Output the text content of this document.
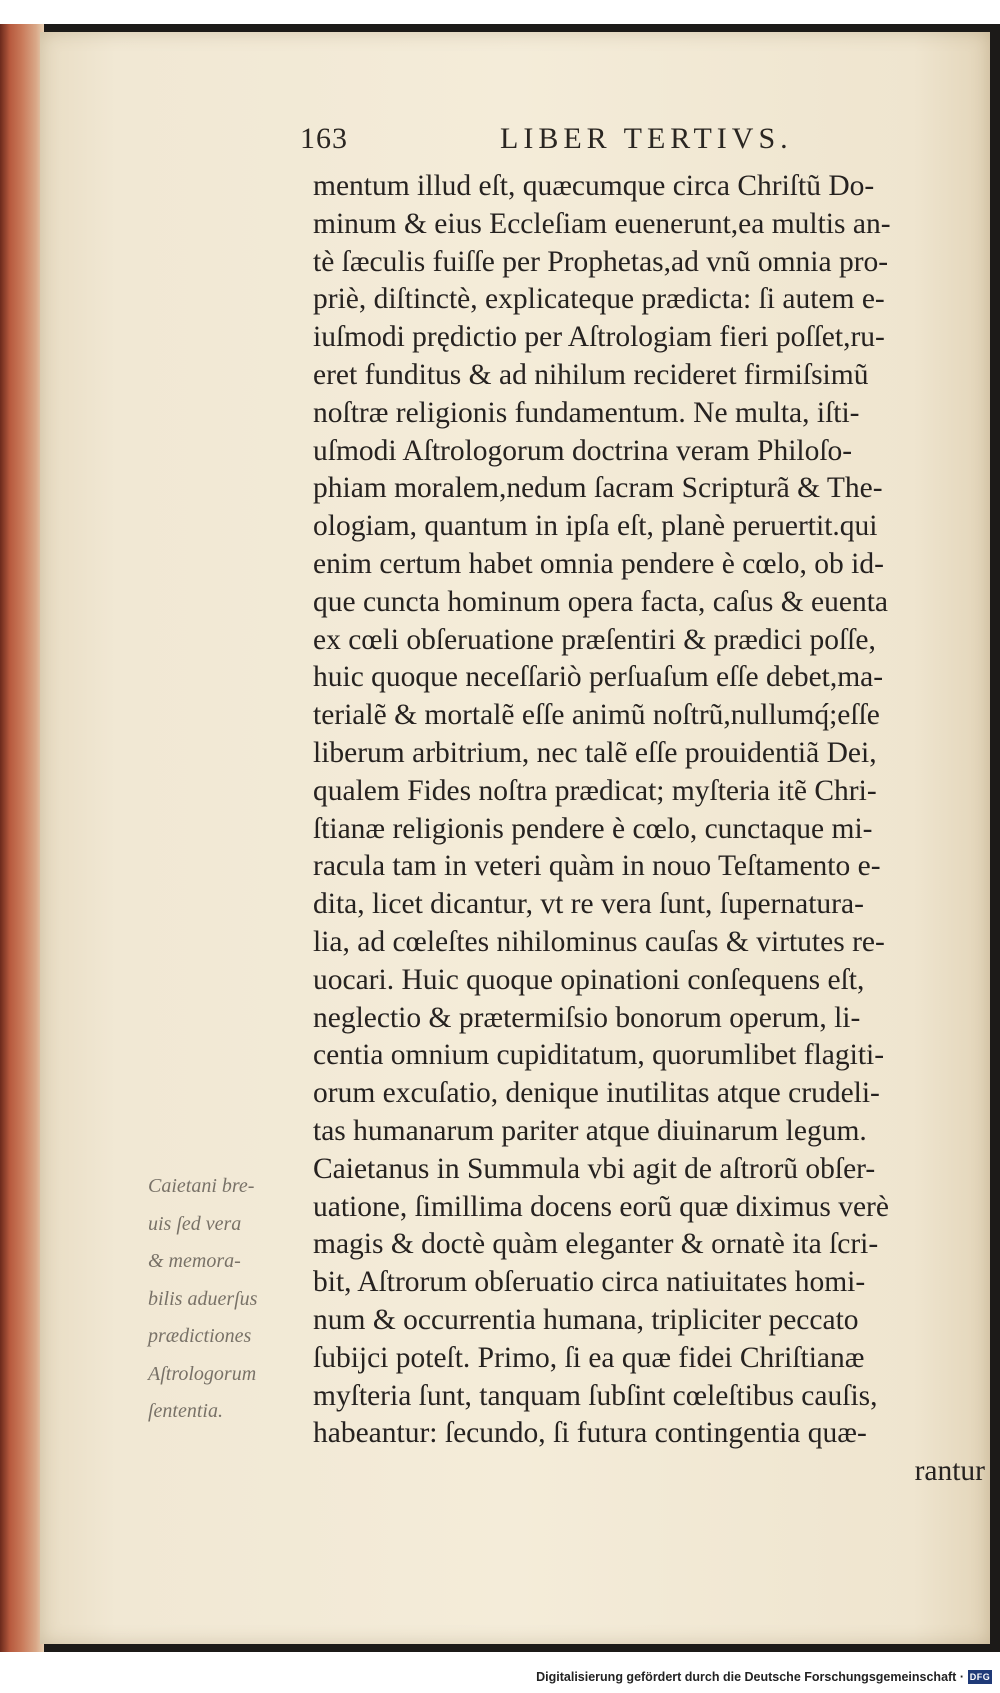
163	LIBER TERTIVS.
Caietani bre-
uis ſed vera
& memora-
bilis aduerſus
prædictiones
Aſtrologorum
ſententia.
mentum illud eſt, quæcumque circa Chriſtũ Do-
minum & eius Eccleſiam euenerunt,ea multis an-
tè ſæculis fuiſſe per Prophetas,ad vnũ omnia pro-
priè, diſtinctè, explicateque prædicta: ſi autem e-
iuſmodi prędictio per Aſtrologiam fieri poſſet,ru-
eret funditus & ad nihilum recideret firmiſsimũ
noſtræ religionis fundamentum. Ne multa, iſti-
uſmodi Aſtrologorum doctrina veram Philoſo-
phiam moralem,nedum ſacram Scripturã & The-
ologiam, quantum in ipſa eſt, planè peruertit.qui
enim certum habet omnia pendere è cœlo, ob id-
que cuncta hominum opera facta, caſus & euenta
ex cœli obſeruatione præſentiri & prædici poſſe,
huic quoque neceſſariò perſuaſum eſſe debet,ma-
terialẽ & mortalẽ eſſe animũ noſtrũ,nullumq́;eſſe
liberum arbitrium, nec talẽ eſſe prouidentiã Dei,
qualem Fides noſtra prædicat; myſteria itẽ Chri-
ſtianæ religionis pendere è cœlo, cunctaque mi-
racula tam in veteri quàm in nouo Teſtamento e-
dita, licet dicantur, vt re vera ſunt, ſupernatura-
lia, ad cœleſtes nihilominus cauſas & virtutes re-
uocari. Huic quoque opinationi conſequens eſt,
neglectio & prætermiſsio bonorum operum, li-
centia omnium cupiditatum, quorumlibet flagiti-
orum excuſatio, denique inutilitas atque crudeli-
tas humanarum pariter atque diuinarum legum.
Caietanus in Summula vbi agit de aſtrorũ obſer-
uatione, ſimillima docens eorũ quæ diximus verè
magis & doctè quàm eleganter & ornatè ita ſcri-
bit, Aſtrorum obſeruatio circa natiuitates homi-
num & occurrentia humana, tripliciter peccato
ſubijci poteſt. Primo, ſi ea quæ fidei Chriſtianæ
myſteria ſunt, tanquam ſubſint cœleſtibus cauſis,
habeantur: ſecundo, ſi futura contingentia quæ-
rantur
Digitalisierung gefördert durch die Deutsche Forschungsgemeinschaft · DFG
